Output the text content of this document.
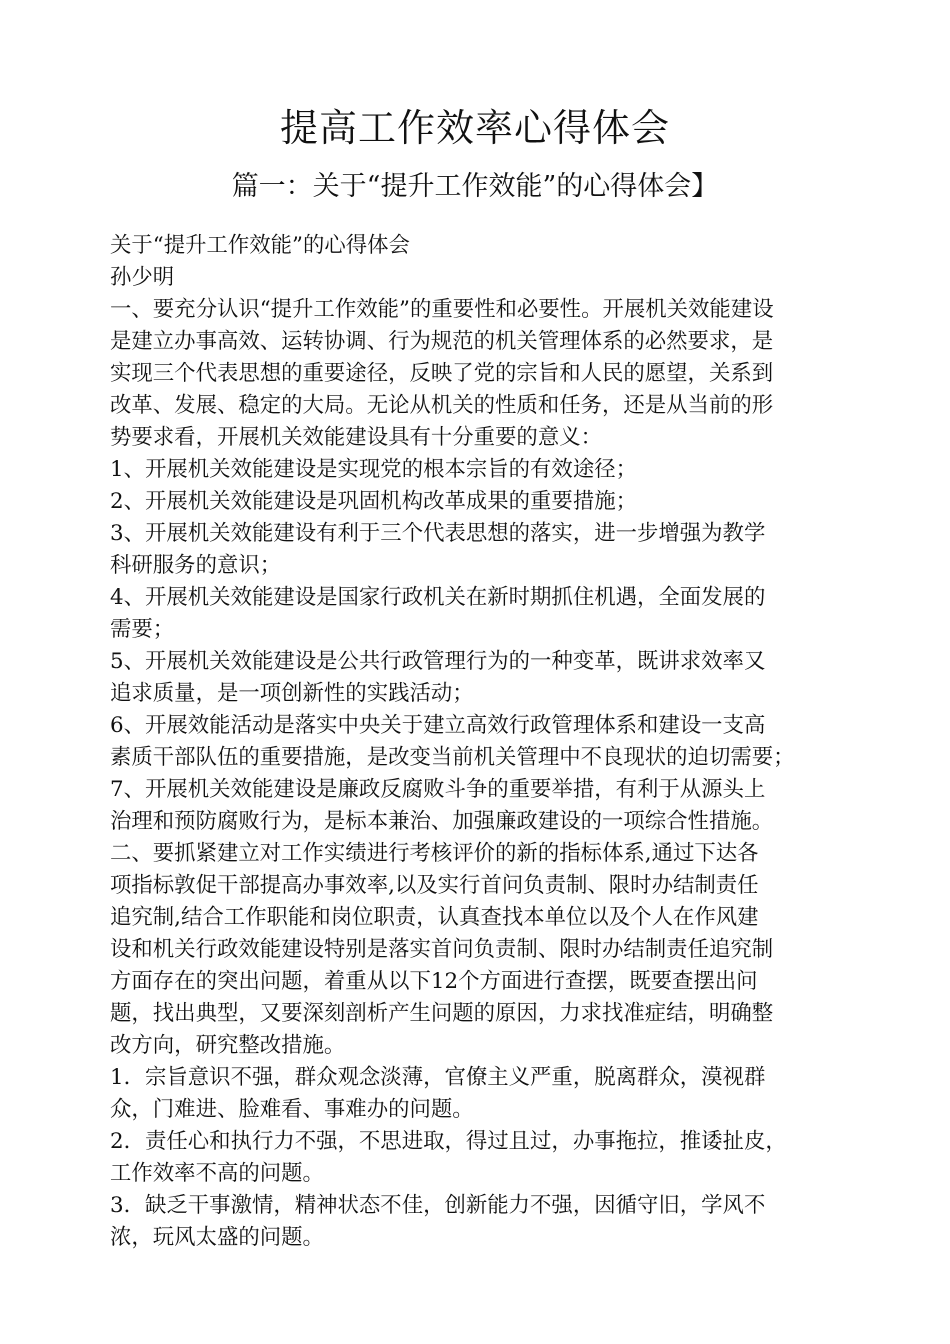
提高工作效率心得体会
篇一：关于“提升工作效能”的心得体会】
关于“提升工作效能”的心得体会
孙少明
一、要充分认识“提升工作效能”的重要性和必要性。开展机关效能建设
是建立办事高效、运转协调、行为规范的机关管理体系的必然要求，是
实现三个代表思想的重要途径，反映了党的宗旨和人民的愿望，关系到
改革、发展、稳定的大局。无论从机关的性质和任务，还是从当前的形
势要求看，开展机关效能建设具有十分重要的意义：
1、开展机关效能建设是实现党的根本宗旨的有效途径；
2、开展机关效能建设是巩固机构改革成果的重要措施；
3、开展机关效能建设有利于三个代表思想的落实，进一步增强为教学
科研服务的意识；
4、开展机关效能建设是国家行政机关在新时期抓住机遇，全面发展的
需要；
5、开展机关效能建设是公共行政管理行为的一种变革，既讲求效率又
追求质量，是一项创新性的实践活动；
6、开展效能活动是落实中央关于建立高效行政管理体系和建设一支高
素质干部队伍的重要措施，是改变当前机关管理中不良现状的迫切需要；
7、开展机关效能建设是廉政反腐败斗争的重要举措，有利于从源头上
治理和预防腐败行为，是标本兼治、加强廉政建设的一项综合性措施。
二、要抓紧建立对工作实绩进行考核评价的新的指标体系,通过下达各
项指标敦促干部提高办事效率,以及实行首问负责制、限时办结制责任
追究制,结合工作职能和岗位职责，认真查找本单位以及个人在作风建
设和机关行政效能建设特别是落实首问负责制、限时办结制责任追究制
方面存在的突出问题，着重从以下12个方面进行查摆，既要查摆出问
题，找出典型，又要深刻剖析产生问题的原因，力求找准症结，明确整
改方向，研究整改措施。
1．宗旨意识不强，群众观念淡薄，官僚主义严重，脱离群众，漠视群
众，门难进、脸难看、事难办的问题。
2．责任心和执行力不强，不思进取，得过且过，办事拖拉，推诿扯皮，
工作效率不高的问题。
3．缺乏干事激情，精神状态不佳，创新能力不强，因循守旧，学风不
浓，玩风太盛的问题。
